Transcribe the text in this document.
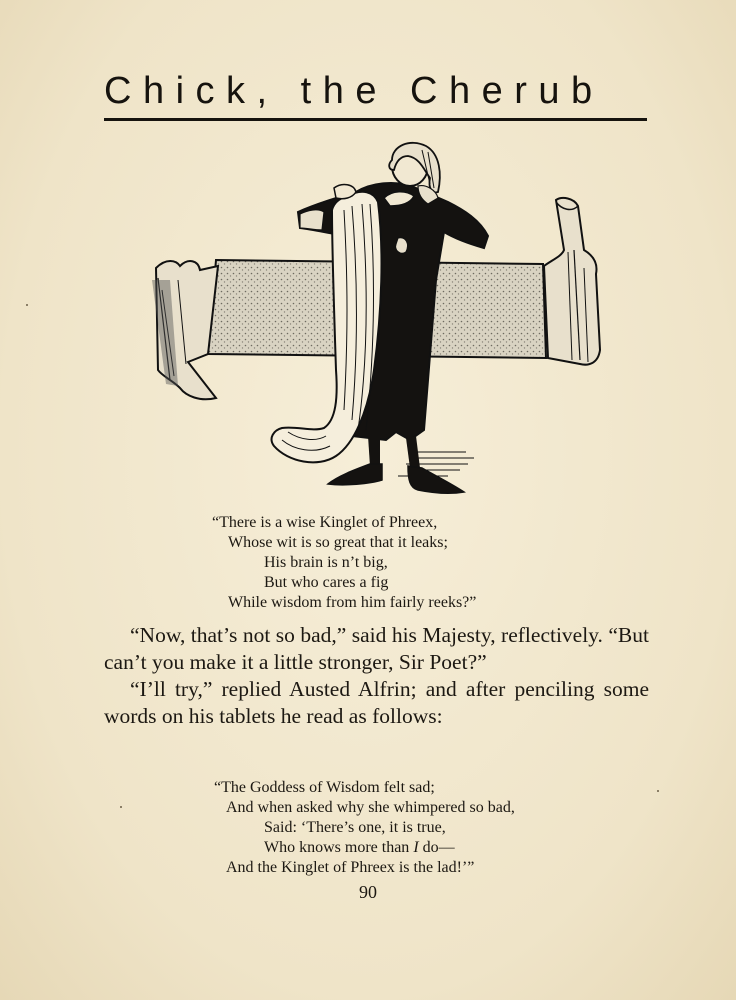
Chick, the Cherub
“There is a wise Kinglet of Phreex,
Whose wit is so great that it leaks;
His brain is n’t big,
But who cares a fig
While wisdom from him fairly reeks?”

“Now, that’s not so bad,” said his Majesty, reflectively. “But can’t you make it a little stronger, Sir Poet?”

“I’ll try,” replied Austed Alfrin; and after penciling some words on his tablets he read as follows:

“The Goddess of Wisdom felt sad;
And when asked why she whimpered so bad,
Said: ‘There’s one, it is true,
Who knows more than I do—
And the Kinglet of Phreex is the lad!’”
90
